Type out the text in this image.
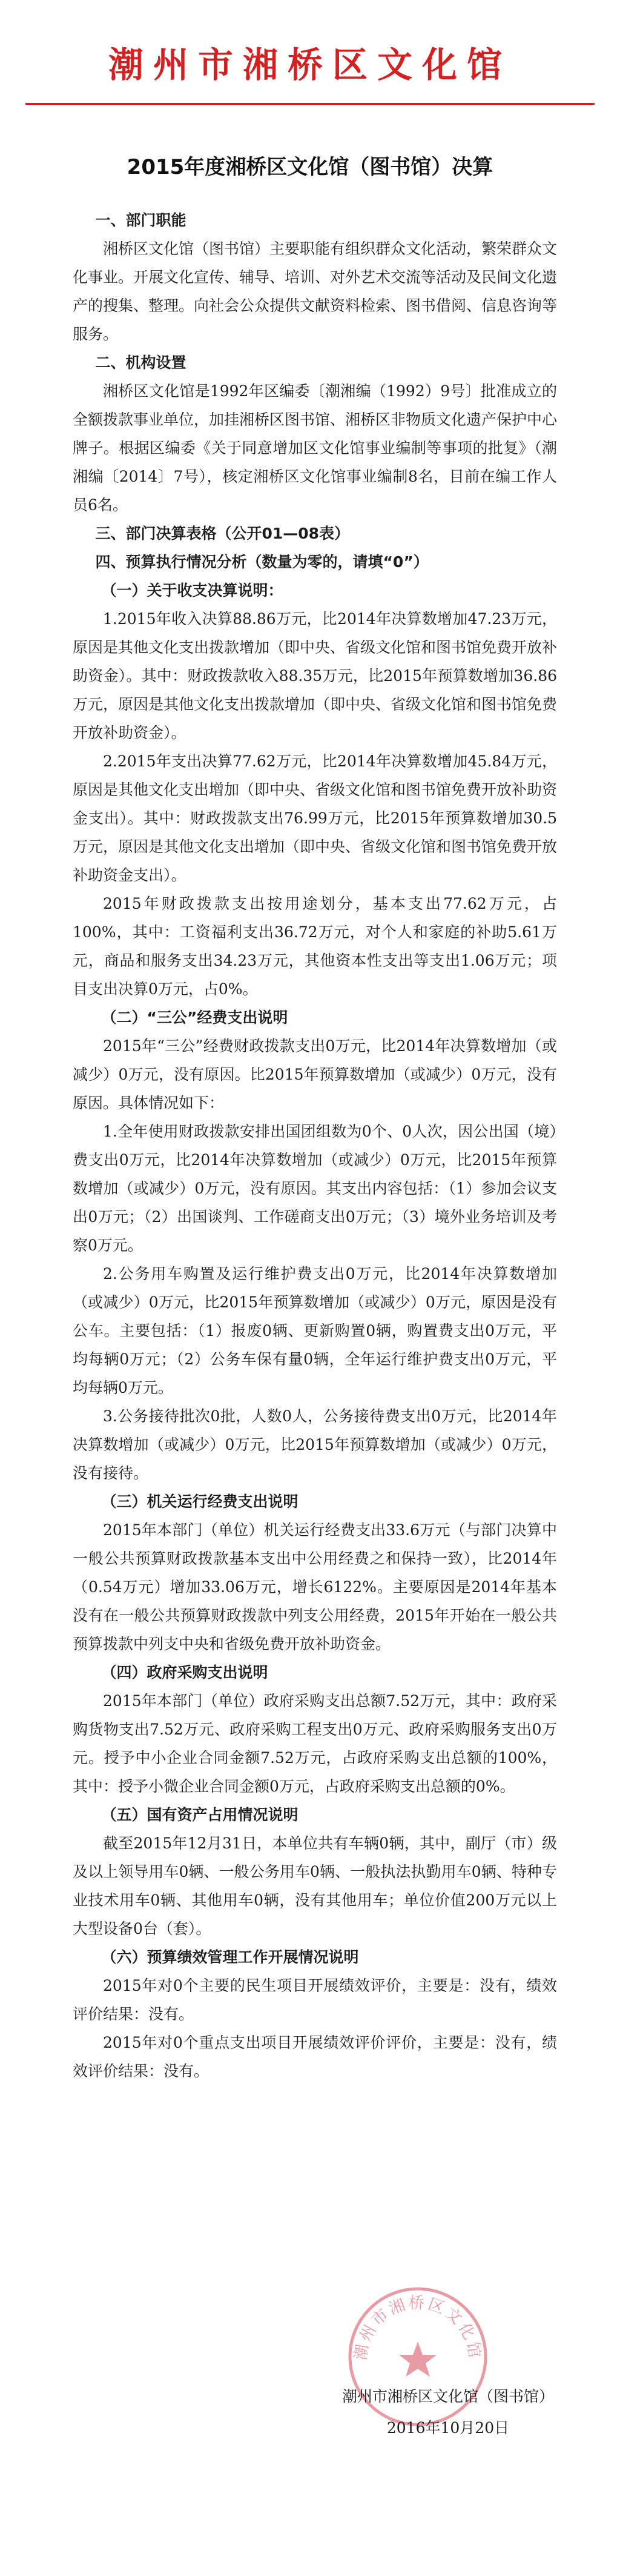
潮州市湘桥区文化馆
2015年度湘桥区文化馆（图书馆）决算

一、部门职能

湘桥区文化馆（图书馆）主要职能有组织群众文化活动，繁荣群众文化事业。开展文化宣传、辅导、培训、对外艺术交流等活动及民间文化遗产的搜集、整理。向社会公众提供文献资料检索、图书借阅、信息咨询等服务。

二、机构设置

湘桥区文化馆是1992年区编委〔潮湘编（1992）9号〕批准成立的全额拨款事业单位，加挂湘桥区图书馆、湘桥区非物质文化遗产保护中心牌子。根据区编委《关于同意增加区文化馆事业编制等事项的批复》（潮湘编〔2014〕7号），核定湘桥区文化馆事业编制8名，目前在编工作人员6名。

三、部门决算表格（公开01—08表）

四、预算执行情况分析（数量为零的，请填“0”）

（一）关于收支决算说明：

1.2015年收入决算88.86万元，比2014年决算数增加47.23万元，原因是其他文化支出拨款增加（即中央、省级文化馆和图书馆免费开放补助资金）。其中：财政拨款收入88.35万元，比2015年预算数增加36.86万元，原因是其他文化支出拨款增加（即中央、省级文化馆和图书馆免费开放补助资金）。

2.2015年支出决算77.62万元，比2014年决算数增加45.84万元，原因是其他文化支出增加（即中央、省级文化馆和图书馆免费开放补助资金支出）。其中：财政拨款支出76.99万元，比2015年预算数增加30.5万元，原因是其他文化支出增加（即中央、省级文化馆和图书馆免费开放补助资金支出）。

2015年财政拨款支出按用途划分，基本支出77.62万元，占100%，其中：工资福利支出36.72万元，对个人和家庭的补助5.61万元，商品和服务支出34.23万元，其他资本性支出等支出1.06万元；项目支出决算0万元，占0%。

（二）“三公”经费支出说明

2015年“三公”经费财政拨款支出0万元，比2014年决算数增加（或减少）0万元，没有原因。比2015年预算数增加（或减少）0万元，没有原因。具体情况如下：

1.全年使用财政拨款安排出国团组数为0个、0人次，因公出国（境）费支出0万元，比2014年决算数增加（或减少）0万元，比2015年预算数增加（或减少）0万元，没有原因。其支出内容包括：（1）参加会议支出0万元；（2）出国谈判、工作磋商支出0万元；（3）境外业务培训及考察0万元。

2.公务用车购置及运行维护费支出0万元，比2014年决算数增加（或减少）0万元，比2015年预算数增加（或减少）0万元，原因是没有公车。主要包括：（1）报废0辆、更新购置0辆，购置费支出0万元，平均每辆0万元；（2）公务车保有量0辆，全年运行维护费支出0万元，平均每辆0万元。

3.公务接待批次0批，人数0人，公务接待费支出0万元，比2014年决算数增加（或减少）0万元，比2015年预算数增加（或减少）0万元，没有接待。

（三）机关运行经费支出说明

2015年本部门（单位）机关运行经费支出33.6万元（与部门决算中一般公共预算财政拨款基本支出中公用经费之和保持一致），比2014年（0.54万元）增加33.06万元，增长6122%。主要原因是2014年基本没有在一般公共预算财政拨款中列支公用经费，2015年开始在一般公共预算拨款中列支中央和省级免费开放补助资金。

（四）政府采购支出说明

2015年本部门（单位）政府采购支出总额7.52万元，其中：政府采购货物支出7.52万元、政府采购工程支出0万元、政府采购服务支出0万元。授予中小企业合同金额7.52万元，占政府采购支出总额的100%，其中：授予小微企业合同金额0万元，占政府采购支出总额的0%。

（五）国有资产占用情况说明

截至2015年12月31日，本单位共有车辆0辆，其中，副厅（市）级及以上领导用车0辆、一般公务用车0辆、一般执法执勤用车0辆、特种专业技术用车0辆、其他用车0辆，没有其他用车；单位价值200万元以上大型设备0台（套）。

（六）预算绩效管理工作开展情况说明

2015年对0个主要的民生项目开展绩效评价，主要是：没有，绩效评价结果：没有。

2015年对0个重点支出项目开展绩效评价评价，主要是：没有，绩效评价结果：没有。

潮州市湘桥区文化馆
潮州市湘桥区文化馆（图书馆）
2016年10月20日
